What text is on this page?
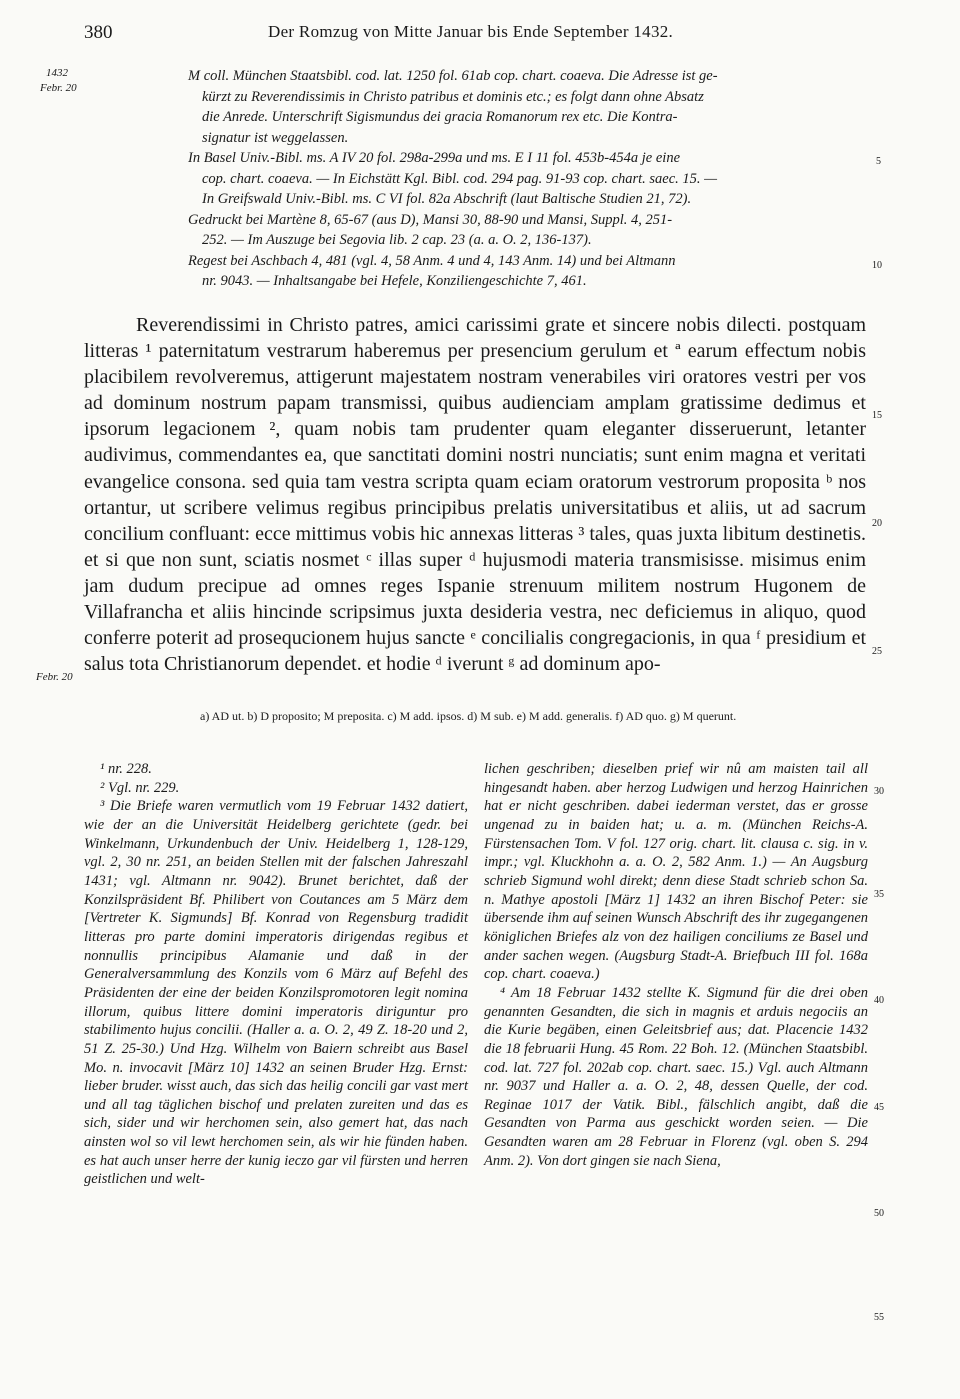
380	Der Romzug von Mitte Januar bis Ende September 1432.
1432
Febr. 20
Febr. 20
5
10
15
20
25
30
35
40
45
50
55

M coll. München Staatsbibl. cod. lat. 1250 fol. 61ab cop. chart. coaeva. Die Adresse ist ge-

kürzt zu Reverendissimis in Christo patribus et dominis etc.; es folgt dann ohne Absatz

die Anrede. Unterschrift Sigismundus dei gracia Romanorum rex etc. Die Kontra-

signatur ist weggelassen.

In Basel Univ.-Bibl. ms. A IV 20 fol. 298a-299a und ms. E I 11 fol. 453b-454a je eine

cop. chart. coaeva. — In Eichstätt Kgl. Bibl. cod. 294 pag. 91-93 cop. chart. saec. 15. —

In Greifswald Univ.-Bibl. ms. C VI fol. 82a Abschrift (laut Baltische Studien 21, 72).

Gedruckt bei Martène 8, 65-67 (aus D), Mansi 30, 88-90 und Mansi, Suppl. 4, 251-

252. — Im Auszuge bei Segovia lib. 2 cap. 23 (a. a. O. 2, 136-137).

Regest bei Aschbach 4, 481 (vgl. 4, 58 Anm. 4 und 4, 143 Anm. 14) und bei Altmann

nr. 9043. — Inhaltsangabe bei Hefele, Konziliengeschichte 7, 461.

Reverendissimi in Christo patres, amici carissimi grate et sincere nobis dilecti. postquam litteras ¹ paternitatum vestrarum haberemus per presencium gerulum et ª earum effectum nobis placibilem revolveremus, attigerunt majestatem nostram venerabiles viri oratores vestri per vos ad dominum nostrum papam transmissi, quibus audienciam amplam gratissime dedimus et ipsorum legacionem ², quam nobis tam prudenter quam eleganter disseruerunt, letanter audivimus, commendantes ea, que sanctitati domini nostri nunciatis; sunt enim magna et veritati evangelice consona. sed quia tam vestra scripta quam eciam oratorum vestrorum proposita ᵇ nos ortantur, ut scribere velimus regibus principibus prelatis universitatibus et aliis, ut ad sacrum concilium confluant: ecce mittimus vobis hic annexas litteras ³ tales, quas juxta libitum destinetis. et si que non sunt, sciatis nosmet ᶜ illas super ᵈ hujusmodi materia transmisisse. misimus enim jam dudum precipue ad omnes reges Ispanie strenuum militem nostrum Hugonem de Villafrancha et aliis hincinde scripsimus juxta desideria vestra, nec deficiemus in aliquo, quod conferre poterit ad prosequcionem hujus sancte ᵉ concilialis congregacionis, in qua ᶠ presidium et salus tota Christianorum dependet. et hodie ᵈ iverunt ᵍ ad dominum apo-

a) AD ut. b) D proposito; M preposita. c) M add. ipsos. d) M sub. e) M add. generalis. f) AD quo. g) M querunt.

¹ nr. 228.

² Vgl. nr. 229.

³ Die Briefe waren vermutlich vom 19 Februar 1432 datiert, wie der an die Universität Heidelberg gerichtete (gedr. bei Winkelmann, Urkundenbuch der Univ. Heidelberg 1, 128-129, vgl. 2, 30 nr. 251, an beiden Stellen mit der falschen Jahreszahl 1431; vgl. Altmann nr. 9042). Brunet berichtet, daß der Konzilspräsident Bf. Philibert von Coutances am 5 März dem [Vertreter K. Sigmunds] Bf. Konrad von Regensburg tradidit litteras pro parte domini imperatoris dirigendas regibus et nonnullis principibus Alamanie und daß in der Generalversammlung des Konzils vom 6 März auf Befehl des Präsidenten der eine der beiden Konzilspromotoren legit nomina illorum, quibus littere domini imperatoris diriguntur pro stabilimento hujus concilii. (Haller a. a. O. 2, 49 Z. 18-20 und 2, 51 Z. 25-30.) Und Hzg. Wilhelm von Baiern schreibt aus Basel Mo. n. invocavit [März 10] 1432 an seinen Bruder Hzg. Ernst: lieber bruder. wisst auch, das sich das heilig concili gar vast mert und all tag täglichen bischof und prelaten zureiten und das es sich, sider und wir herchomen sein, also gemert hat, das nach ainsten wol so vil lewt herchomen sein, als wir hie fünden haben. es hat auch unser herre der kunig ieczo gar vil fürsten und herren geistlichen und welt-

lichen geschriben; dieselben prief wir nû am maisten tail all hingesandt haben. aber herzog Ludwigen und herzog Hainrichen hat er nicht geschriben. dabei iederman verstet, das er grosse ungenad zu in baiden hat; u. a. m. (München Reichs-A. Fürstensachen Tom. V fol. 127 orig. chart. lit. clausa c. sig. in v. impr.; vgl. Kluckhohn a. a. O. 2, 582 Anm. 1.) — An Augsburg schrieb Sigmund wohl direkt; denn diese Stadt schrieb schon Sa. n. Mathye apostoli [März 1] 1432 an ihren Bischof Peter: sie übersende ihm auf seinen Wunsch Abschrift des ihr zugegangenen königlichen Briefes alz von dez hailigen conciliums ze Basel und ander sachen wegen. (Augsburg Stadt-A. Briefbuch III fol. 168a cop. chart. coaeva.)

⁴ Am 18 Februar 1432 stellte K. Sigmund für die drei oben genannten Gesandten, die sich in magnis et arduis negociis an die Kurie begäben, einen Geleitsbrief aus; dat. Placencie 1432 die 18 februarii Hung. 45 Rom. 22 Boh. 12. (München Staatsbibl. cod. lat. 727 fol. 202ab cop. chart. saec. 15.) Vgl. auch Altmann nr. 9037 und Haller a. a. O. 2, 48, dessen Quelle, der cod. Reginae 1017 der Vatik. Bibl., fälschlich angibt, daß die Gesandten von Parma aus geschickt worden seien. — Die Gesandten waren am 28 Februar in Florenz (vgl. oben S. 294 Anm. 2). Von dort gingen sie nach Siena,
